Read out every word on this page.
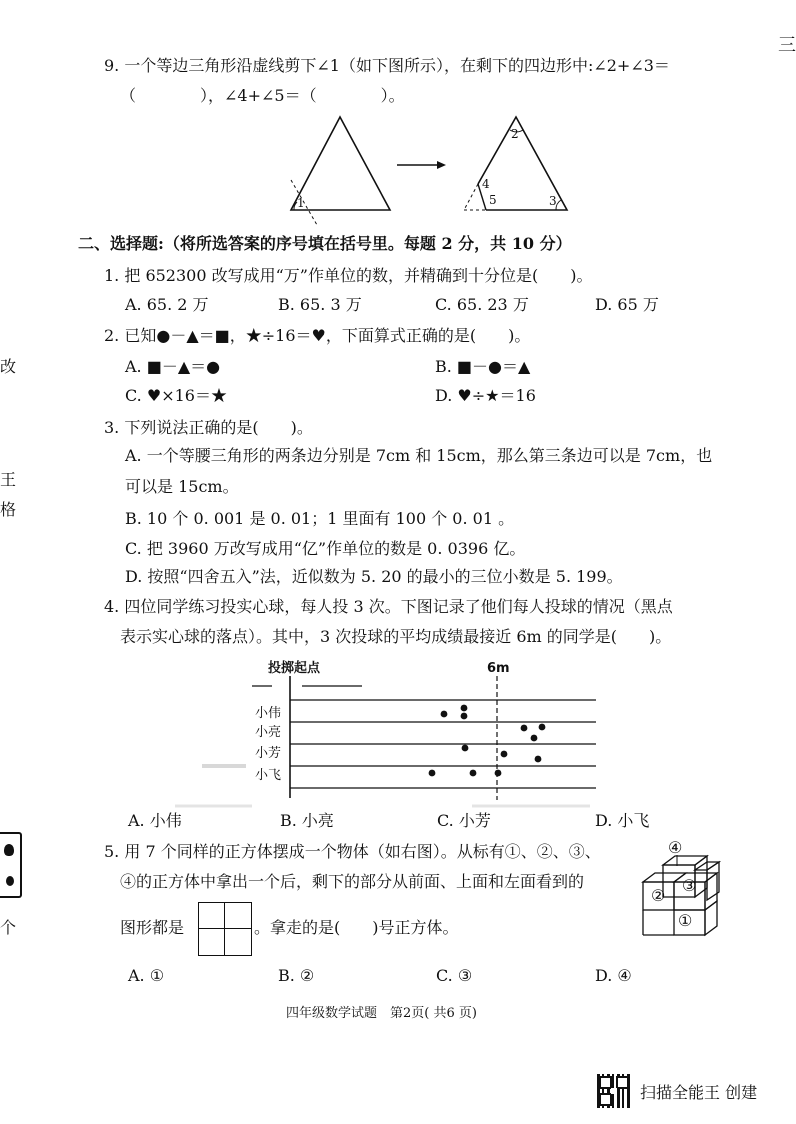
改
王
格
个
三
9. 一个等边三角形沿虚线剪下∠1（如下图所示），在剩下的四边形中:∠2+∠3＝
（　　　　），∠4+∠5＝（　　　　）。
1
2
4
5	3
二、选择题:（将所选答案的序号填在括号里。每题 2 分，共 10 分）
1. 把 652300 改写成用“万”作单位的数，并精确到十分位是(　　)。
A. 65. 2 万	B. 65. 3 万	C. 65. 23 万	D. 65 万
2. 已知●－▲＝■，★÷16＝♥，下面算式正确的是(　　)。
A. ■－▲＝●	B. ■－●＝▲
C. ♥×16＝★	D. ♥÷★＝16
3. 下列说法正确的是(　　)。
A. 一个等腰三角形的两条边分别是 7cm 和 15cm，那么第三条边可以是 7cm，也
可以是 15cm。
B. 10 个 0. 001 是 0. 01；1 里面有 100 个 0. 01 。
C. 把 3960 万改写成用“亿”作单位的数是 0. 0396 亿。
D. 按照“四舍五入”法，近似数为 5. 20 的最小的三位小数是 5. 199。
4. 四位同学练习投实心球，每人投 3 次。下图记录了他们每人投球的情况（黑点
表示实心球的落点）。其中，3 次投球的平均成绩最接近 6m 的同学是(　　)。
投掷起点	6m
小伟
小亮
小芳
小飞
A. 小伟	B. 小亮	C. 小芳	D. 小飞
5. 用 7 个同样的正方体摆成一个物体（如右图）。从标有①、②、③、
④的正方体中拿出一个后，剩下的部分从前面、上面和左面看到的
图形都是	。拿走的是(　　)号正方体。
④
②
③
①
A. ①	B. ②	C. ③	D. ④
四年级数学试题　第2页( 共6 页)
扫描全能王 创建
